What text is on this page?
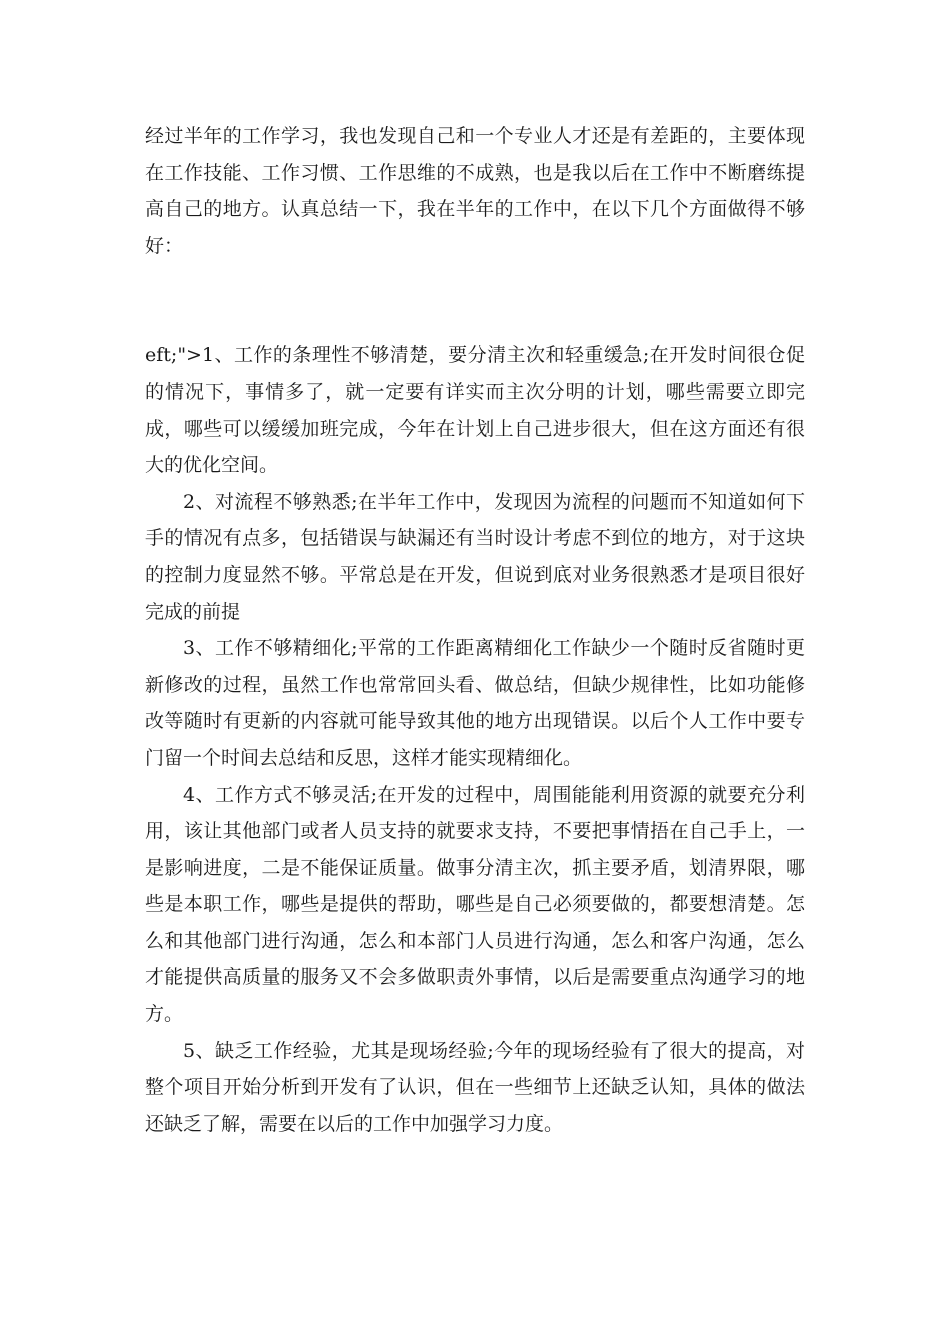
经过半年的工作学习，我也发现自己和一个专业人才还是有差距的，主要体现在工作技能、工作习惯、工作思维的不成熟，也是我以后在工作中不断磨练提高自己的地方。认真总结一下，我在半年的工作中，在以下几个方面做得不够好：

eft;">1、工作的条理性不够清楚，要分清主次和轻重缓急;在开发时间很仓促的情况下，事情多了，就一定要有详实而主次分明的计划，哪些需要立即完成，哪些可以缓缓加班完成，今年在计划上自己进步很大，但在这方面还有很大的优化空间。

2、对流程不够熟悉;在半年工作中，发现因为流程的问题而不知道如何下手的情况有点多，包括错误与缺漏还有当时设计考虑不到位的地方，对于这块的控制力度显然不够。平常总是在开发，但说到底对业务很熟悉才是项目很好完成的前提

3、工作不够精细化;平常的工作距离精细化工作缺少一个随时反省随时更新修改的过程，虽然工作也常常回头看、做总结，但缺少规律性，比如功能修改等随时有更新的内容就可能导致其他的地方出现错误。以后个人工作中要专门留一个时间去总结和反思，这样才能实现精细化。

4、工作方式不够灵活;在开发的过程中，周围能能利用资源的就要充分利用，该让其他部门或者人员支持的就要求支持，不要把事情捂在自己手上，一是影响进度，二是不能保证质量。做事分清主次，抓主要矛盾，划清界限，哪些是本职工作，哪些是提供的帮助，哪些是自己必须要做的，都要想清楚。怎么和其他部门进行沟通，怎么和本部门人员进行沟通，怎么和客户沟通，怎么才能提供高质量的服务又不会多做职责外事情，以后是需要重点沟通学习的地方。

5、缺乏工作经验，尤其是现场经验;今年的现场经验有了很大的提高，对整个项目开始分析到开发有了认识，但在一些细节上还缺乏认知，具体的做法还缺乏了解，需要在以后的工作中加强学习力度。
